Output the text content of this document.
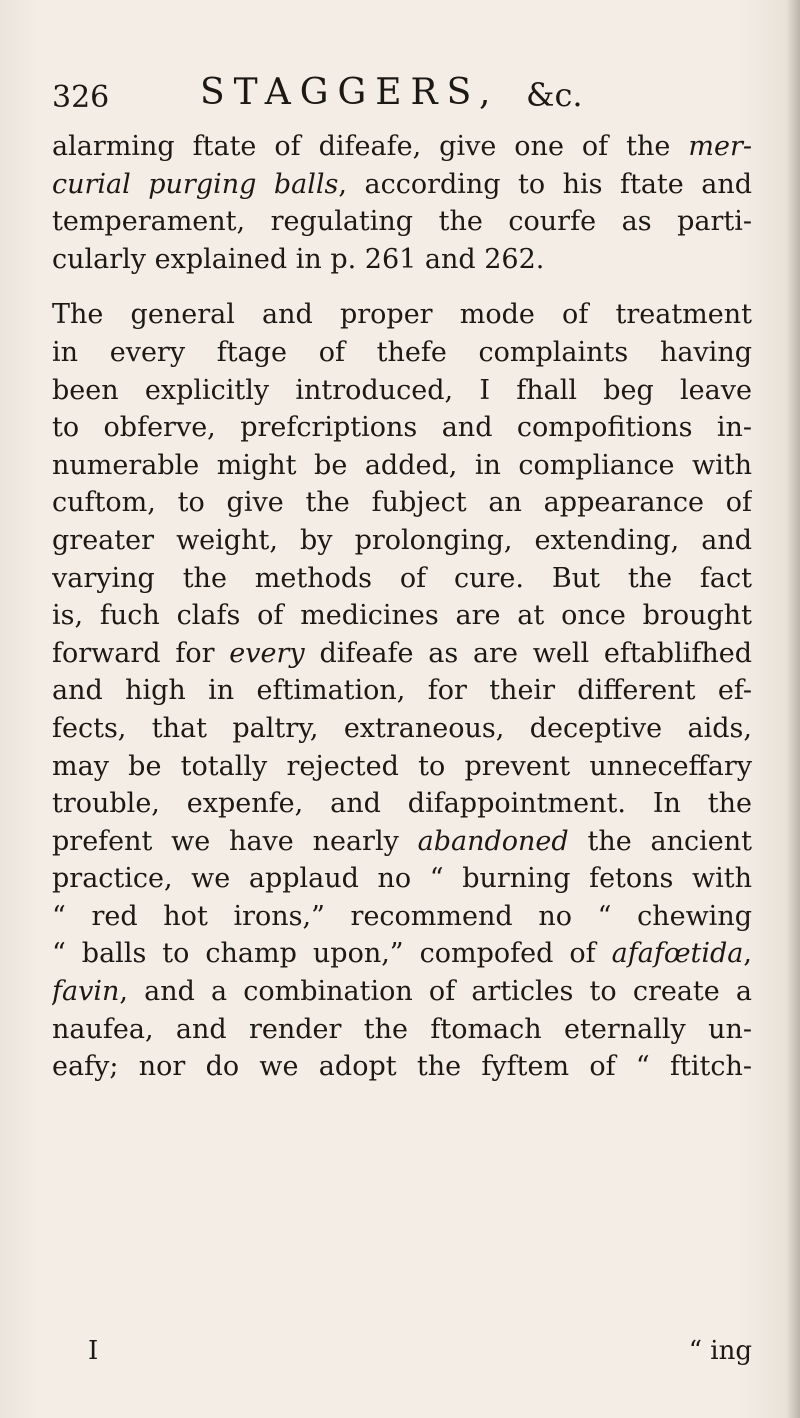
326	STAGGERS, &c.
alarming ftate of difeafe, give one of the mer-
curial purging balls, according to his ftate and
temperament, regulating the courfe as parti-
cularly explained in p. 261 and 262.
The general and proper mode of treatment
in every ftage of thefe complaints having
been explicitly introduced, I fhall beg leave
to obferve, prefcriptions and compofitions in-
numerable might be added, in compliance with
cuftom, to give the fubject an appearance of
greater weight, by prolonging, extending, and
varying the methods of cure. But the fact
is, fuch clafs of medicines are at once brought
forward for every difeafe as are well eftablifhed
and high in eftimation, for their different ef-
fects, that paltry, extraneous, deceptive aids,
may be totally rejected to prevent unneceffary
trouble, expenfe, and difappointment. In the
prefent we have nearly abandoned the ancient
practice, we applaud no “ burning fetons with
“ red hot irons,” recommend no “ chewing
“ balls to champ upon,” compofed of afafœtida,
favin, and a combination of articles to create a
naufea, and render the ftomach eternally un-
eafy; nor do we adopt the fyftem of “ ftitch-
I	“ ing
